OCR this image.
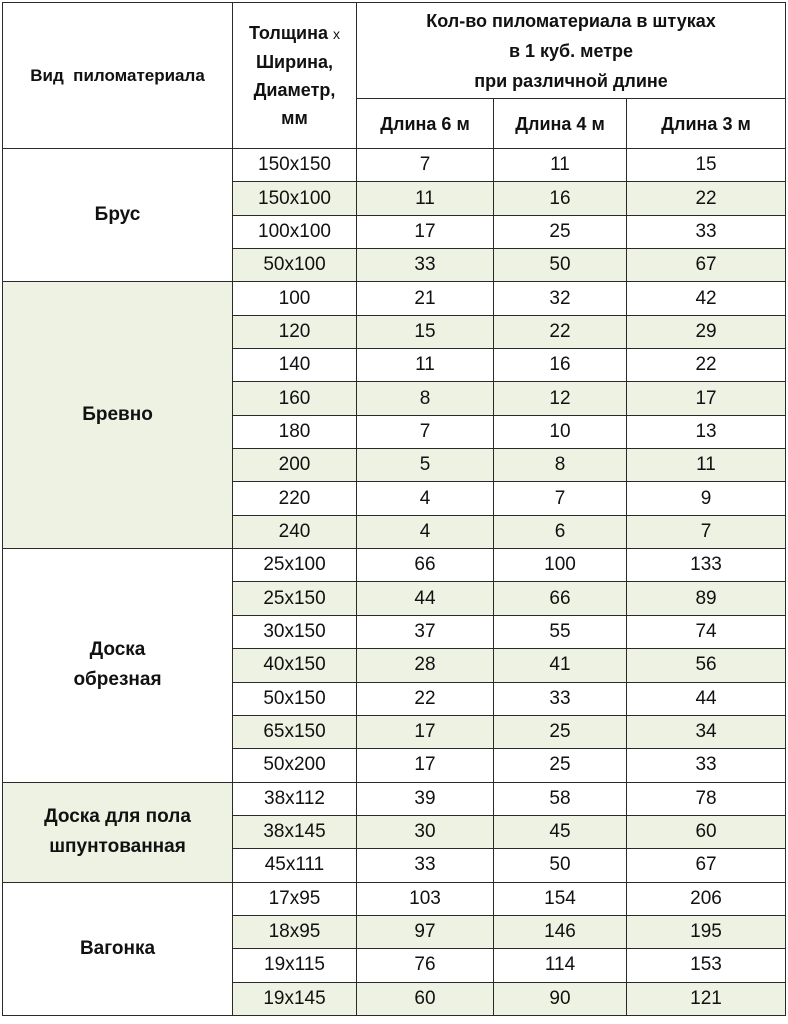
Вид  пиломатериала	Толщина х
Ширина,
Диаметр,
мм	Кол-во пиломатериала в штуках
в 1 куб. метре
при различной длине		
		Длина 6 м	Длина 4 м	Длина 3 м
Брус	150х150	7	11	15
	150х100	11	16	22
	100х100	17	25	33
	50х100	33	50	67
Бревно	100	21	32	42
	120	15	22	29
	140	11	16	22
	160	8	12	17
	180	7	10	13
	200	5	8	11
	220	4	7	9
	240	4	6	7
Доска
обрезная	25х100	66	100	133
	25х150	44	66	89
	30х150	37	55	74
	40х150	28	41	56
	50х150	22	33	44
	65х150	17	25	34
	50х200	17	25	33
Доска для пола
шпунтованная	38х112	39	58	78
	38х145	30	45	60
	45х111	33	50	67
Вагонка	17х95	103	154	206
	18х95	97	146	195
	19х115	76	114	153
	19х145	60	90	121
